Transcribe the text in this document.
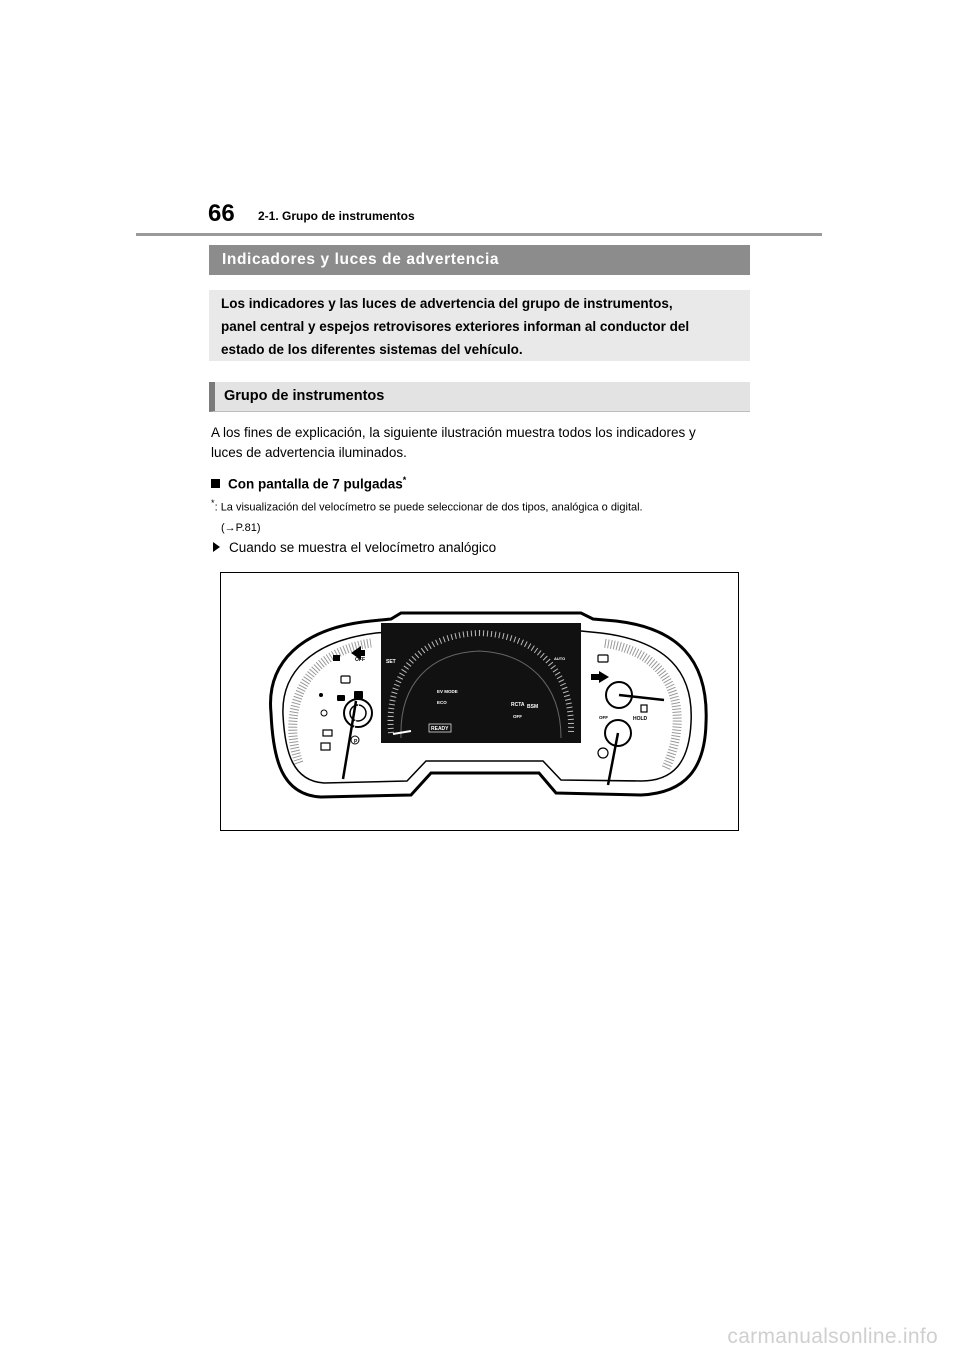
66 2-1. Grupo de instrumentos
Indicadores y luces de advertencia
Los indicadores y las luces de advertencia del grupo de instrumentos,
panel central y espejos retrovisores exteriores informan al conductor del
estado de los diferentes sistemas del vehículo.
Grupo de instrumentos
A los fines de explicación, la siguiente ilustración muestra todos los indicadores y
luces de advertencia iluminados.
Con pantalla de 7 pulgadas*
*: La visualización del velocímetro se puede seleccionar de dos tipos, analógica o digital.
(→P.81)
Cuando se muestra el velocímetro analógico
OFF	SET
EV MODE
ECO
READY
RCTA BSM
OFF
AUTO
HOLD
OFF
P
carmanualsonline.info
